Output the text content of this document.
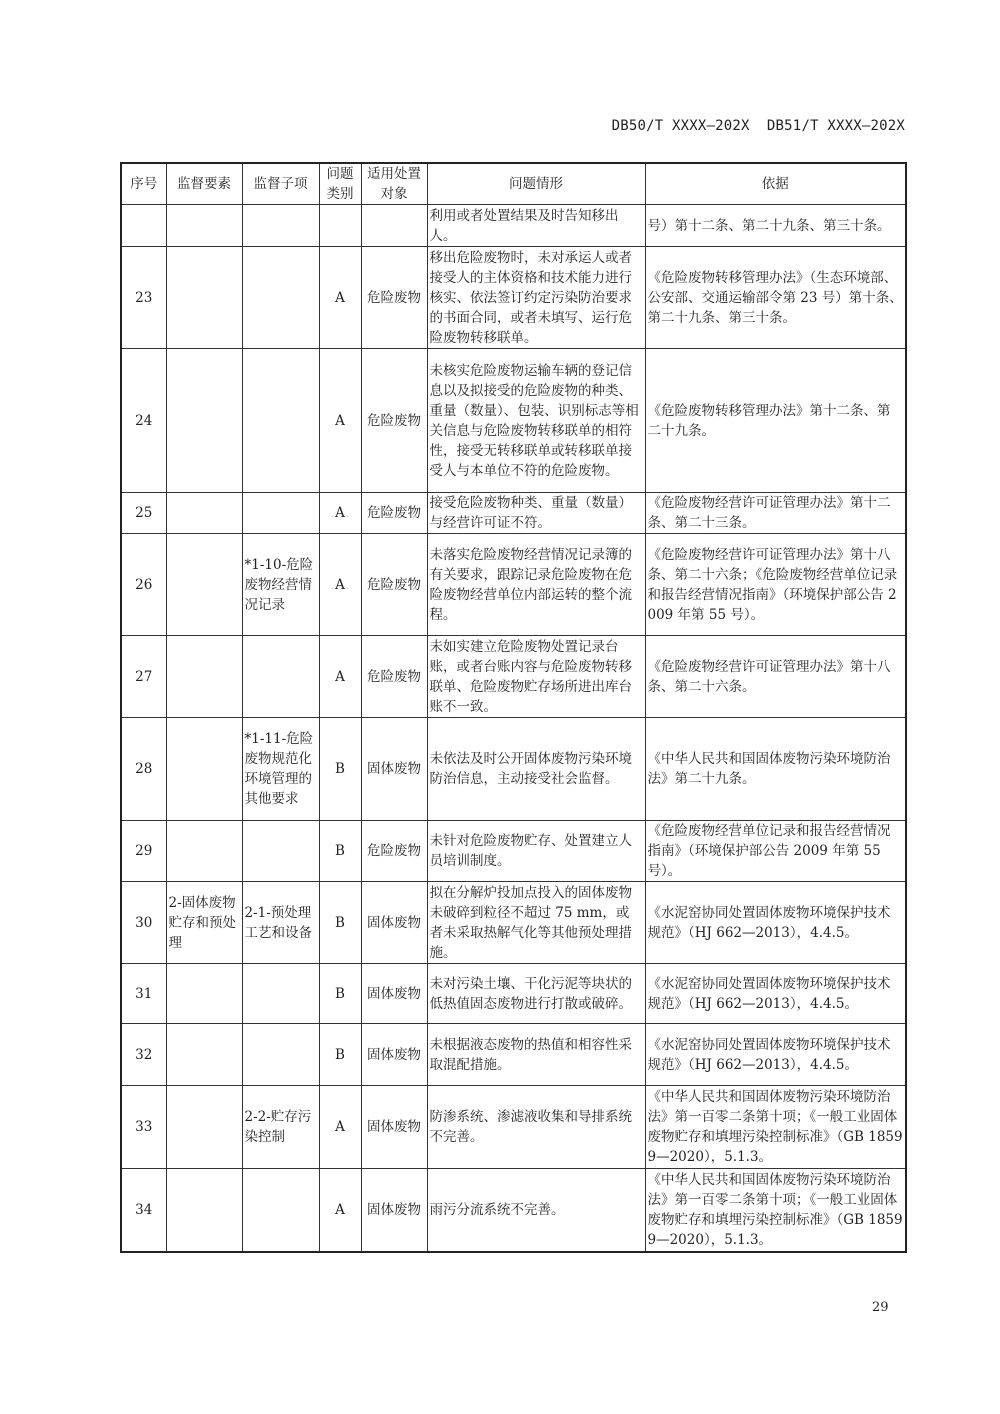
DB50/T XXXX—202X  DB51/T XXXX—202X
序号	监督要素	监督子项	问题类别	适用处置对象	问题情形	依据
					利用或者处置结果及时告知移出人。	号）第十二条、第二十九条、第三十条。
23			A	危险废物	移出危险废物时，未对承运人或者接受人的主体资格和技术能力进行核实、依法签订约定污染防治要求的书面合同，或者未填写、运行危险废物转移联单。	《危险废物转移管理办法》（生态环境部、公安部、交通运输部令第 23 号）第十条、第二十九条、第三十条。
24			A	危险废物	未核实危险废物运输车辆的登记信息以及拟接受的危险废物的种类、重量（数量）、包装、识别标志等相关信息与危险废物转移联单的相符性，接受无转移联单或转移联单接受人与本单位不符的危险废物。	《危险废物转移管理办法》第十二条、第二十九条。
25			A	危险废物	接受危险废物种类、重量（数量）与经营许可证不符。	《危险废物经营许可证管理办法》第十二条、第二十三条。
26		*1-10-危险废物经营情况记录	A	危险废物	未落实危险废物经营情况记录簿的有关要求，跟踪记录危险废物在危险废物经营单位内部运转的整个流程。	《危险废物经营许可证管理办法》第十八条、第二十六条；《危险废物经营单位记录和报告经营情况指南》（环境保护部公告 2009 年第 55 号）。
27			A	危险废物	未如实建立危险废物处置记录台账，或者台账内容与危险废物转移联单、危险废物贮存场所进出库台账不一致。	《危险废物经营许可证管理办法》第十八条、第二十六条。
28		*1-11-危险废物规范化环境管理的其他要求	B	固体废物	未依法及时公开固体废物污染环境防治信息，主动接受社会监督。	《中华人民共和国固体废物污染环境防治法》第二十九条。
29			B	危险废物	未针对危险废物贮存、处置建立人员培训制度。	《危险废物经营单位记录和报告经营情况指南》（环境保护部公告 2009 年第 55 号）。
30	2-固体废物贮存和预处理	2-1-预处理工艺和设备	B	固体废物	拟在分解炉投加点投入的固体废物未破碎到粒径不超过 75 mm，或者未采取热解气化等其他预处理措施。	《水泥窑协同处置固体废物环境保护技术规范》（HJ 662—2013），4.4.5。
31			B	固体废物	未对污染土壤、干化污泥等块状的低热值固态废物进行打散或破碎。	《水泥窑协同处置固体废物环境保护技术规范》（HJ 662—2013），4.4.5。
32			B	固体废物	未根据液态废物的热值和相容性采取混配措施。	《水泥窑协同处置固体废物环境保护技术规范》（HJ 662—2013），4.4.5。
33		2-2-贮存污染控制	A	固体废物	防渗系统、渗滤液收集和导排系统不完善。	《中华人民共和国固体废物污染环境防治法》第一百零二条第十项；《一般工业固体废物贮存和填埋污染控制标准》（GB 18599—2020），5.1.3。
34			A	固体废物	雨污分流系统不完善。	《中华人民共和国固体废物污染环境防治法》第一百零二条第十项；《一般工业固体废物贮存和填埋污染控制标准》（GB 18599—2020），5.1.3。
29
